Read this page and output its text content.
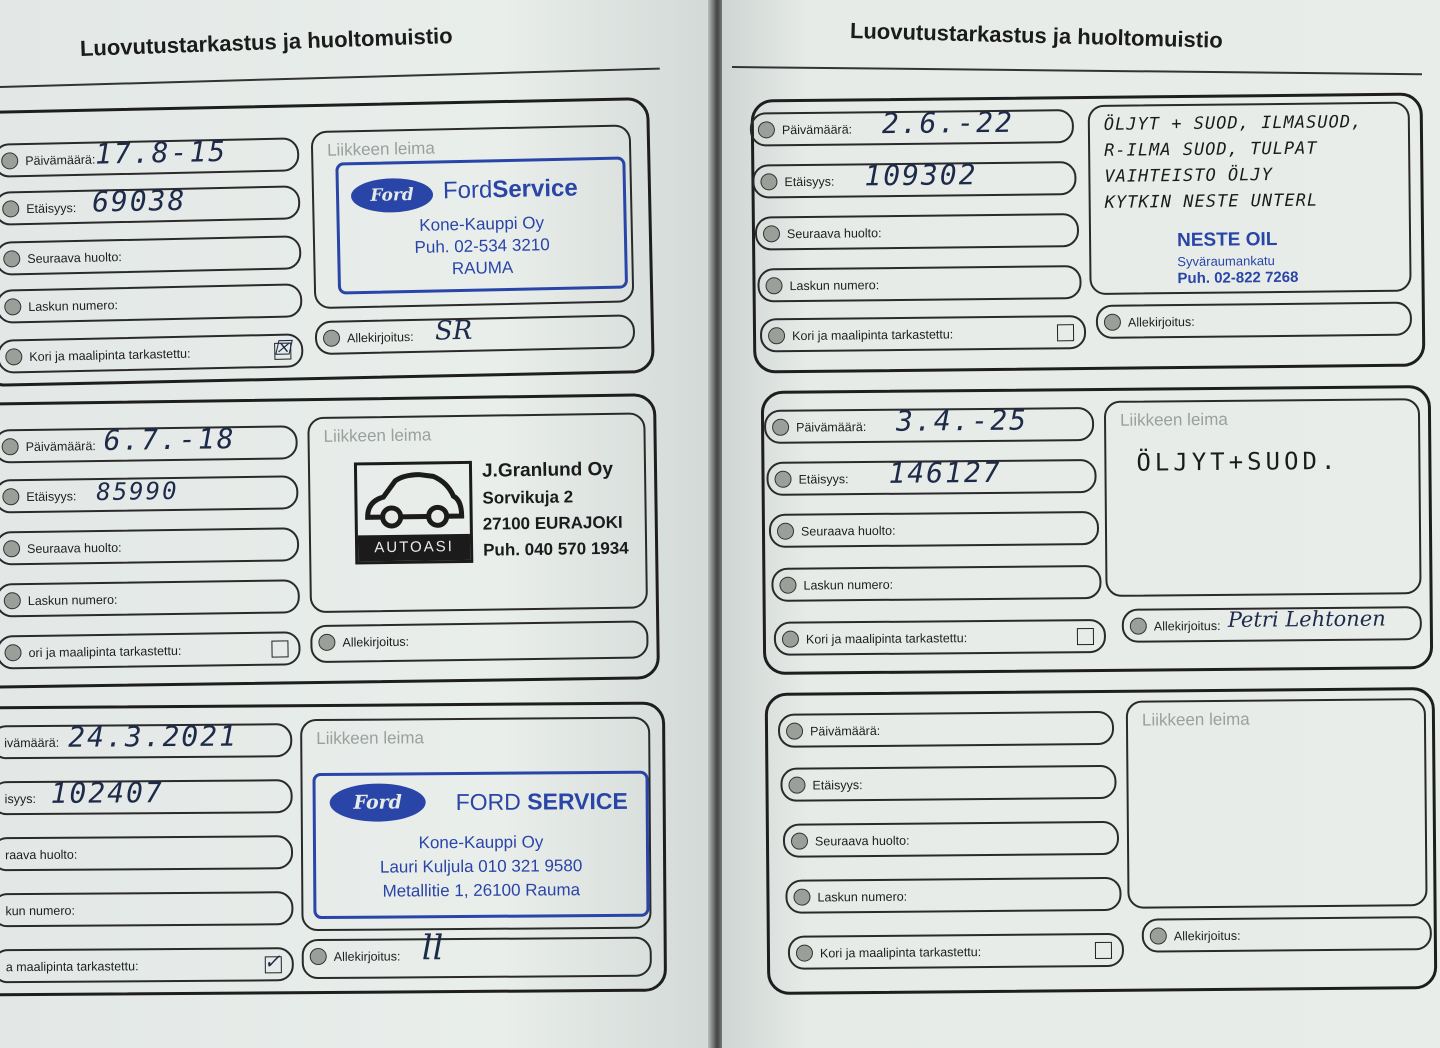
Luovutustarkastus ja huoltomuistio
Päivämäärä: 17.8-15
Etäisyys: 69038
Seuraava huolto:
Laskun numero:
Kori ja maalipinta tarkastettu:	☒
Liikkeen leima
Ford	FordService
Kone-Kauppi Oy
Puh. 02-534 3210
RAUMA
Allekirjoitus: SR
Päivämäärä: 6.7.-18
Etäisyys: 85990
Seuraava huolto:
Laskun numero:
ori ja maalipinta tarkastettu:
Liikkeen leima
AUTOASI
J.Granlund Oy
Sorvikuja 2
27100 EURAJOKI
Puh. 040 570 1934
Allekirjoitus:
ivämäärä: 24.3.2021
isyys: 102407
raava huolto:
kun numero:
a maalipinta tarkastettu:	✓
Liikkeen leima
Ford	FORD SERVICE
Kone-Kauppi Oy
Lauri Kuljula 010 321 9580
Metallitie 1, 26100 Rauma
Allekirjoitus: ll
Luovutustarkastus ja huoltomuistio
Päivämäärä: 2.6.-22
Etäisyys: 109302
Seuraava huolto:
Laskun numero:
Kori ja maalipinta tarkastettu:
ÖLJYT + SUOD, ILMASUOD,
R-ILMA SUOD, TULPAT
VAIHTEISTO ÖLJY
KYTKIN NESTE UNTERL
NESTE OIL
Syväraumankatu
Puh. 02-822 7268
Allekirjoitus:
Päivämäärä: 3.4.-25
Etäisyys: 146127
Seuraava huolto:
Laskun numero:
Kori ja maalipinta tarkastettu:
Liikkeen leima
ÖLJYT+SUOD.
Allekirjoitus: Petri Lehtonen
Päivämäärä:
Etäisyys:
Seuraava huolto:
Laskun numero:
Kori ja maalipinta tarkastettu:
Liikkeen leima
Allekirjoitus:
